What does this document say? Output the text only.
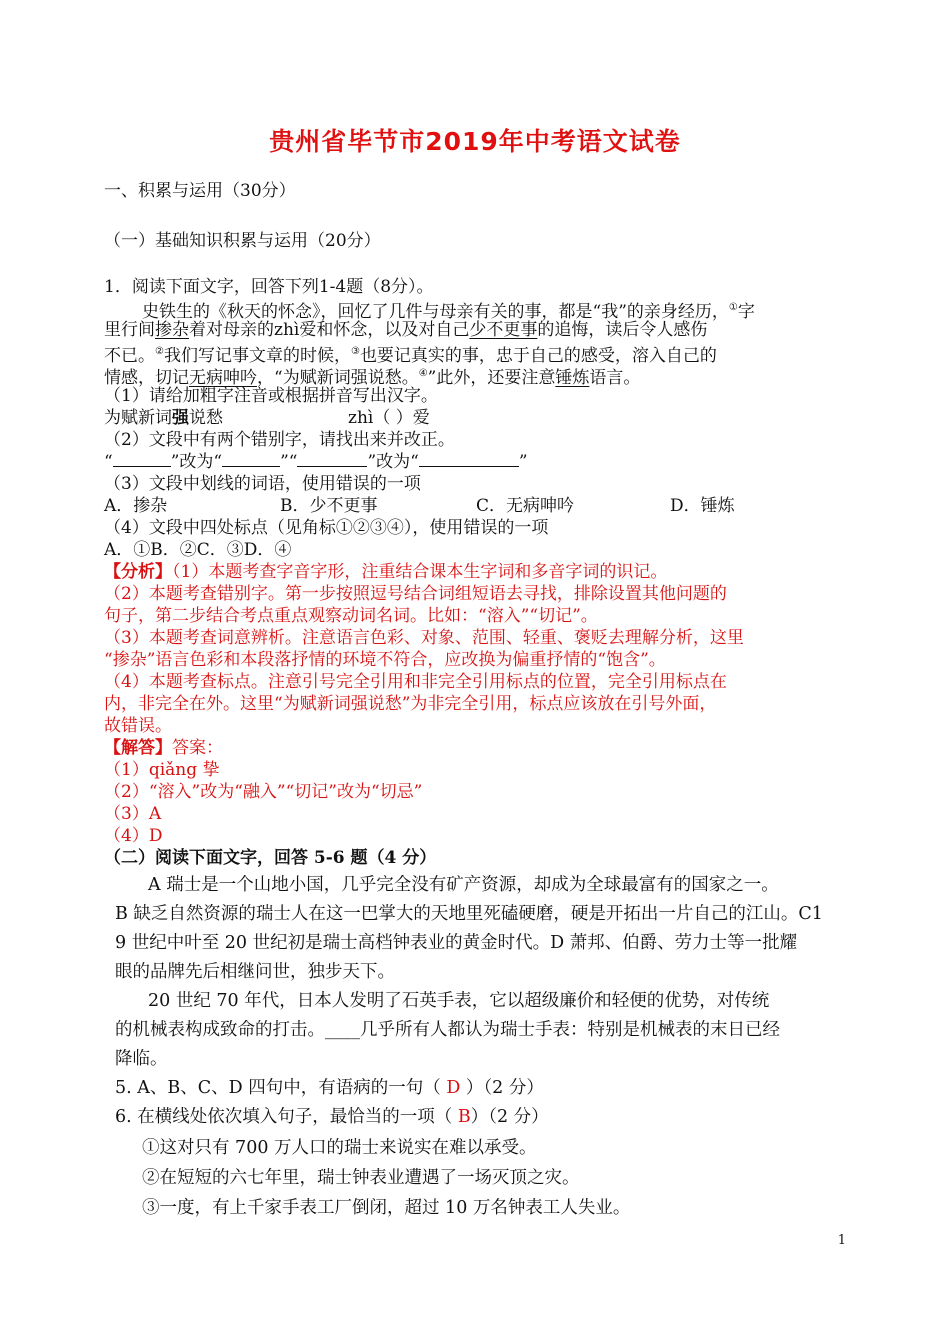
贵州省毕节市2019年中考语文试卷
一、积累与运用（30分）
（一）基础知识积累与运用（20分）
1．阅读下面文字，回答下列1-4题（8分）。
史铁生的《秋天的怀念》，回忆了几件与母亲有关的事，都是“我”的亲身经历，①字
里行间掺杂着对母亲的zhì爱和怀念，以及对自己少不更事的追悔，读后令人感伤
不已。②我们写记事文章的时候，③也要记真实的事，忠于自己的感受，溶入自己的
情感，切记无病呻吟，“为赋新词强说愁。④”此外，还要注意锤炼语言。
（1）请给加粗字注音或根据拼音写出汉字。
为赋新词强说愁	zhì（ ）爱
（2）文段中有两个错别字，请找出来并改正。
“	”改为“	”“	”改为“	”
（3）文段中划线的词语，使用错误的一项
A．掺杂	B．少不更事	C．无病呻吟	D．锤炼
（4）文段中四处标点（见角标①②③④），使用错误的一项
A．①B．②C．③D．④
【分析】（1）本题考查字音字形，注重结合课本生字词和多音字词的识记。
（2）本题考查错别字。第一步按照逗号结合词组短语去寻找，排除设置其他问题的
句子，第二步结合考点重点观察动词名词。比如：“溶入”“切记”。
（3）本题考查词意辨析。注意语言色彩、对象、范围、轻重、褒贬去理解分析，这里
“掺杂”语言色彩和本段落抒情的环境不符合，应改换为偏重抒情的“饱含”。
（4）本题考查标点。注意引号完全引用和非完全引用标点的位置，完全引用标点在
内，非完全在外。这里“为赋新词强说愁”为非完全引用，标点应该放在引号外面，
故错误。
【解答】答案：
（1）qiǎng 挚
（2）“溶入”改为“融入”“切记”改为“切忌”
（3）A
（4）D
（二）阅读下面文字，回答 5-6 题（4 分）
A 瑞士是一个山地小国，几乎完全没有矿产资源，却成为全球最富有的国家之一。
B 缺乏自然资源的瑞士人在这一巴掌大的天地里死磕硬磨，硬是开拓出一片自己的江山。C1
9 世纪中叶至 20 世纪初是瑞士高档钟表业的黄金时代。D 萧邦、伯爵、劳力士等一批耀
眼的品牌先后相继问世，独步天下。
20 世纪 70 年代，日本人发明了石英手表，它以超级廉价和轻便的优势，对传统
的机械表构成致命的打击。____几乎所有人都认为瑞士手表：特别是机械表的末日已经
降临。
5. A、B、C、D 四句中，有语病的一句（ D ）（2 分）
6. 在横线处依次填入句子，最恰当的一项（ B）（2 分）
①这对只有 700 万人口的瑞士来说实在难以承受。
②在短短的六七年里，瑞士钟表业遭遇了一场灭顶之灾。
③一度，有上千家手表工厂倒闭，超过 10 万名钟表工人失业。
1
